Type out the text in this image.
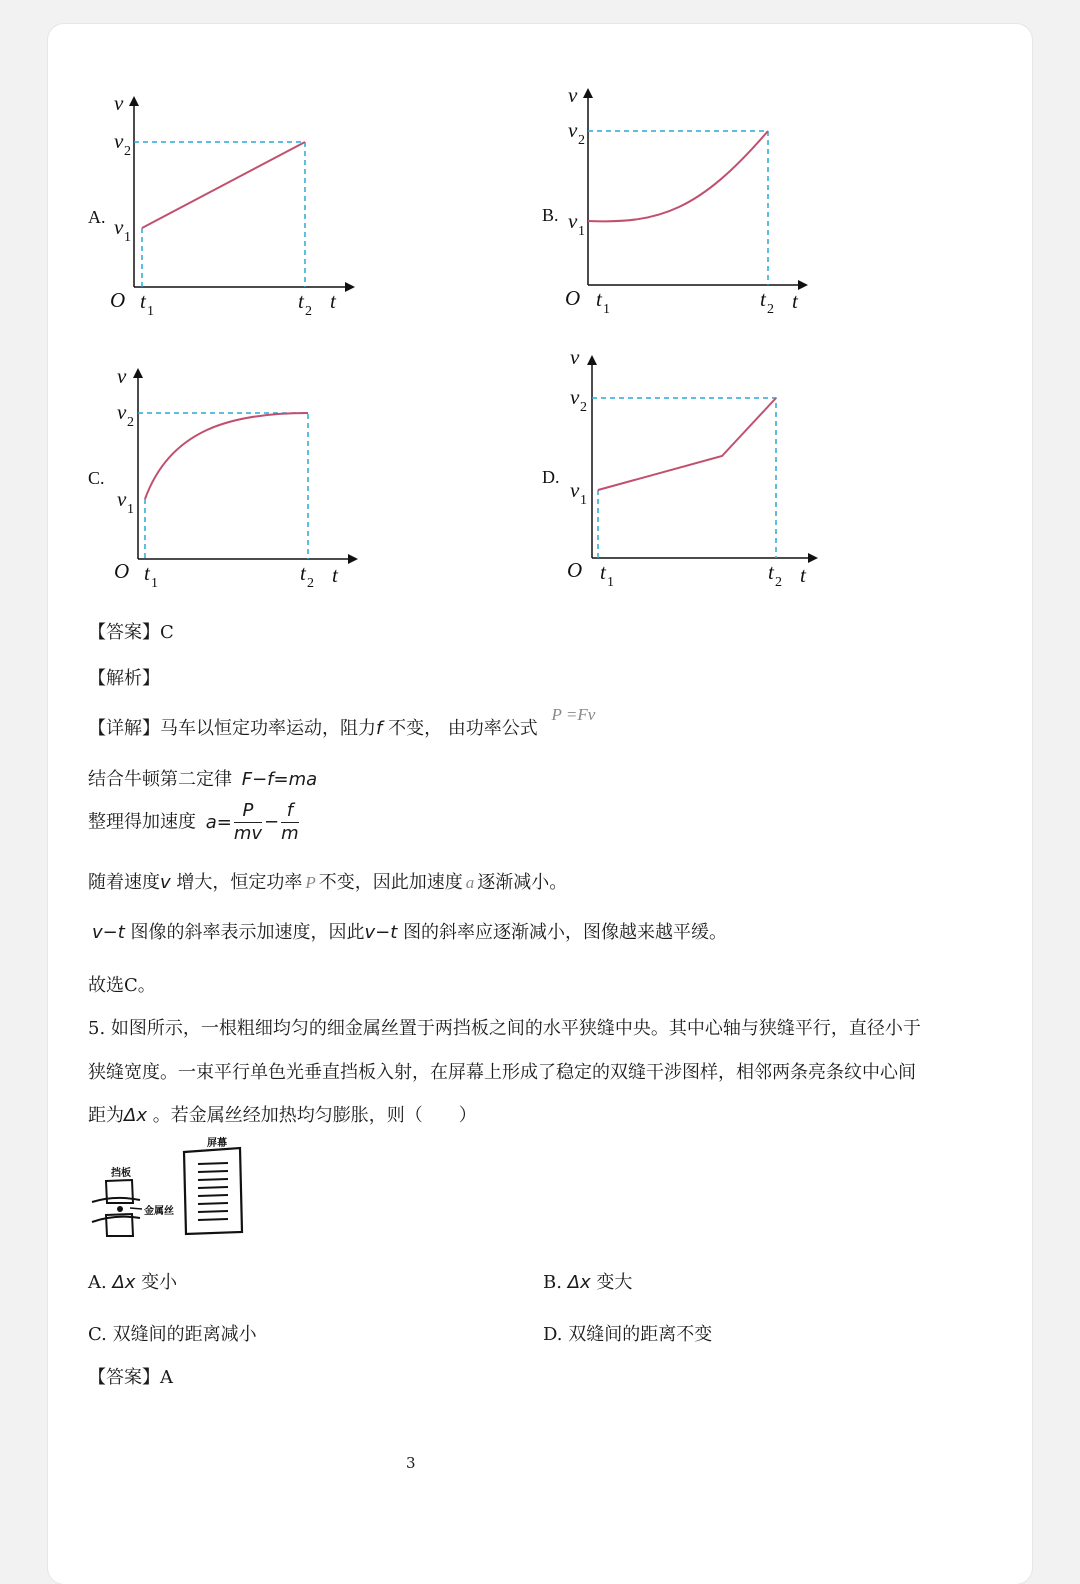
v
t
O
v 2
v 1
t 1	t 2
A.
v
t
O
v 2
v 1
t 1	t 2
B.
v
t
O
v 2
v 1
t 1	t 2
C.
v
t
O
v 2
v 1
t 1	t 2
D.
【答案】C
【解析】
【详解】马车以恒定功率运动，阻力f 不变， 由功率公式 P =Fv
结合牛顿第二定律 F−f=ma
整理得加速度 $a= \frac{P}{mv} - \frac{f}{m}$
随着速度v 增大，恒定功率 P 不变，因此加速度 a 逐渐减小。
v−t 图像的斜率表示加速度，因此v−t 图的斜率应逐渐减小，图像越来越平缓。
故选C。
5. 如图所示，一根粗细均匀的细金属丝置于两挡板之间的水平狭缝中央。其中心轴与狭缝平行，直径小于
狭缝宽度。一束平行单色光垂直挡板入射，在屏幕上形成了稳定的双缝干涉图样，相邻两条亮条纹中心间
距为Δx 。若金属丝经加热均匀膨胀，则（　　）
挡板
金属丝
屏幕
A. Δx 变小	B. Δx 变大
C. 双缝间的距离减小	D. 双缝间的距离不变
【答案】A
3
